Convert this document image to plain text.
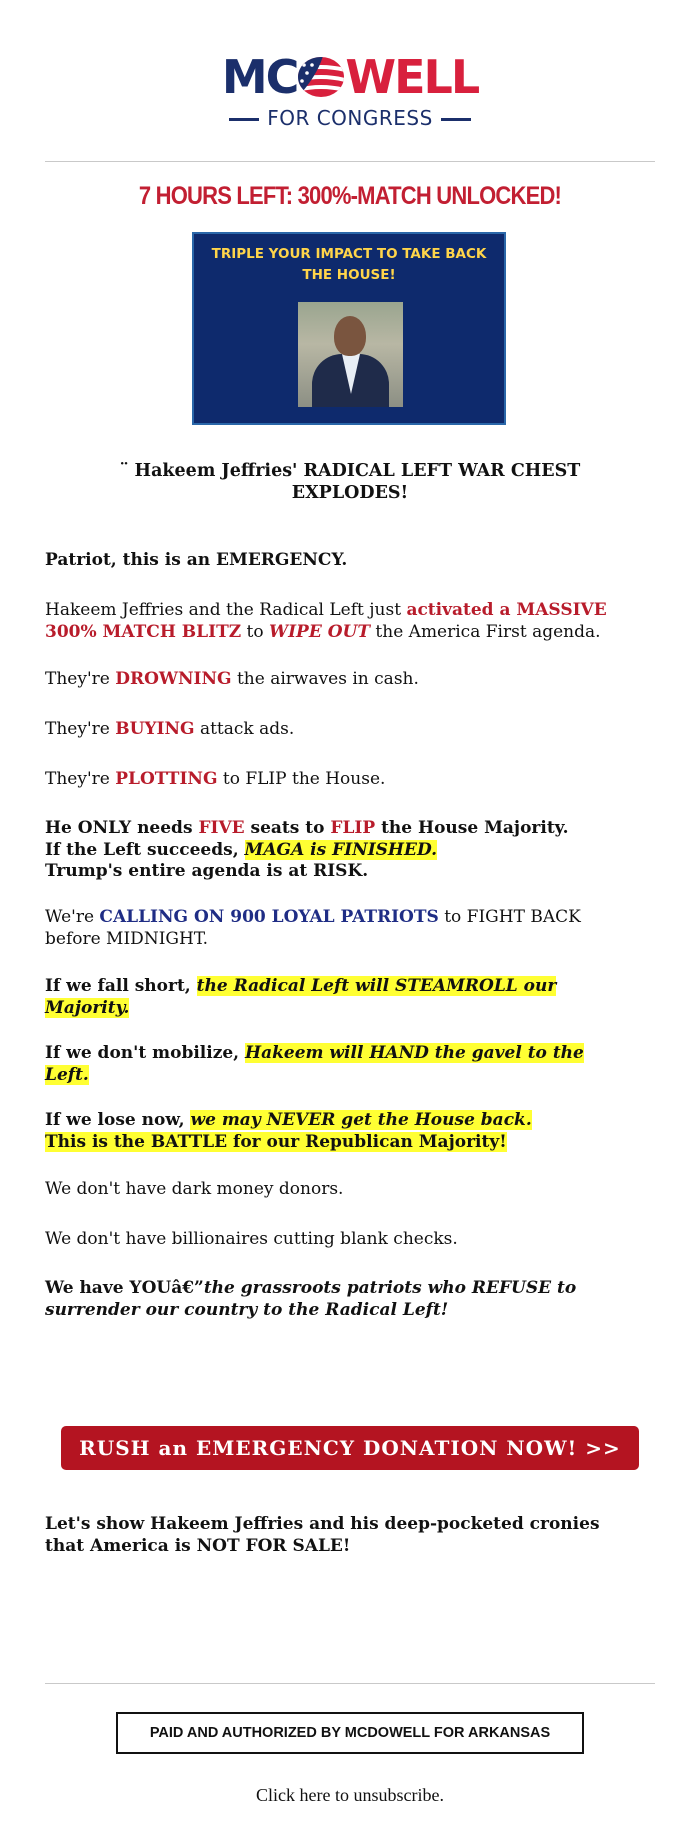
MC WELL
FOR CONGRESS
7 HOURS LEFT: 300%-MATCH UNLOCKED!
TRIPLE YOUR IMPACT TO TAKE BACK
THE HOUSE!
¨ Hakeem Jeffries' RADICAL LEFT WAR CHEST
EXPLODES!
Patriot, this is an EMERGENCY.
Hakeem Jeffries and the Radical Left just activated a MASSIVE
300% MATCH BLITZ to WIPE OUT the America First agenda.
They're DROWNING the airwaves in cash.
They're BUYING attack ads.
They're PLOTTING to FLIP the House.
He ONLY needs FIVE seats to FLIP the House Majority.
If the Left succeeds, MAGA is FINISHED.
Trump's entire agenda is at RISK.
We're CALLING ON 900 LOYAL PATRIOTS to FIGHT BACK
before MIDNIGHT.
If we fall short, the Radical Left will STEAMROLL our
Majority.
If we don't mobilize, Hakeem will HAND the gavel to the
Left.
If we lose now, we may NEVER get the House back.
This is the BATTLE for our Republican Majority!
We don't have dark money donors.
We don't have billionaires cutting blank checks.
We have YOUâ€”the grassroots patriots who REFUSE to
surrender our country to the Radical Left!
RUSH an EMERGENCY DONATION NOW! >>
Let's show Hakeem Jeffries and his deep-pocketed cronies
that America is NOT FOR SALE!
PAID AND AUTHORIZED BY MCDOWELL FOR ARKANSAS
Click here to unsubscribe.
